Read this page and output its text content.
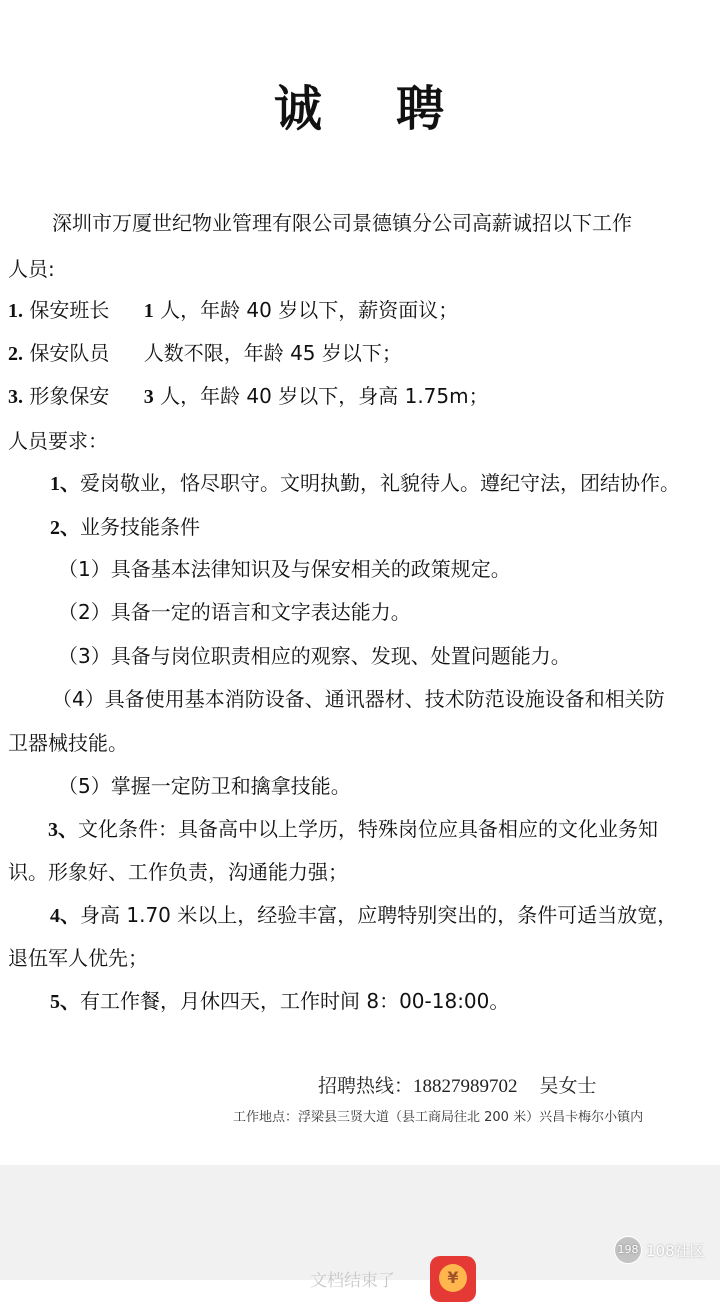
诚 聘
深圳市万厦世纪物业管理有限公司景德镇分公司高薪诚招以下工作
人员:
1. 保安班长 1 人，年龄 40 岁以下，薪资面议；
2. 保安队员 人数不限，年龄 45 岁以下；
3. 形象保安 3 人，年龄 40 岁以下，身高 1.75m；
人员要求：
1、爱岗敬业，恪尽职守。文明执勤，礼貌待人。遵纪守法，团结协作。
2、业务技能条件
（1）具备基本法律知识及与保安相关的政策规定。
（2）具备一定的语言和文字表达能力。
（3）具备与岗位职责相应的观察、发现、处置问题能力。
（4）具备使用基本消防设备、通讯器材、技术防范设施设备和相关防
卫器械技能。
（5）掌握一定防卫和擒拿技能。
3、文化条件：具备高中以上学历，特殊岗位应具备相应的文化业务知
识。形象好、工作负责，沟通能力强；
4、身高 1.70 米以上，经验丰富，应聘特别突出的，条件可适当放宽，
退伍军人优先；
5、有工作餐，月休四天，工作时间 8：00-18:00。
招聘热线：18827989702 吴女士
工作地点：浮梁县三贤大道（县工商局往北 200 米）兴昌卡梅尔小镇内
文档结束了	¥
198 108社区
